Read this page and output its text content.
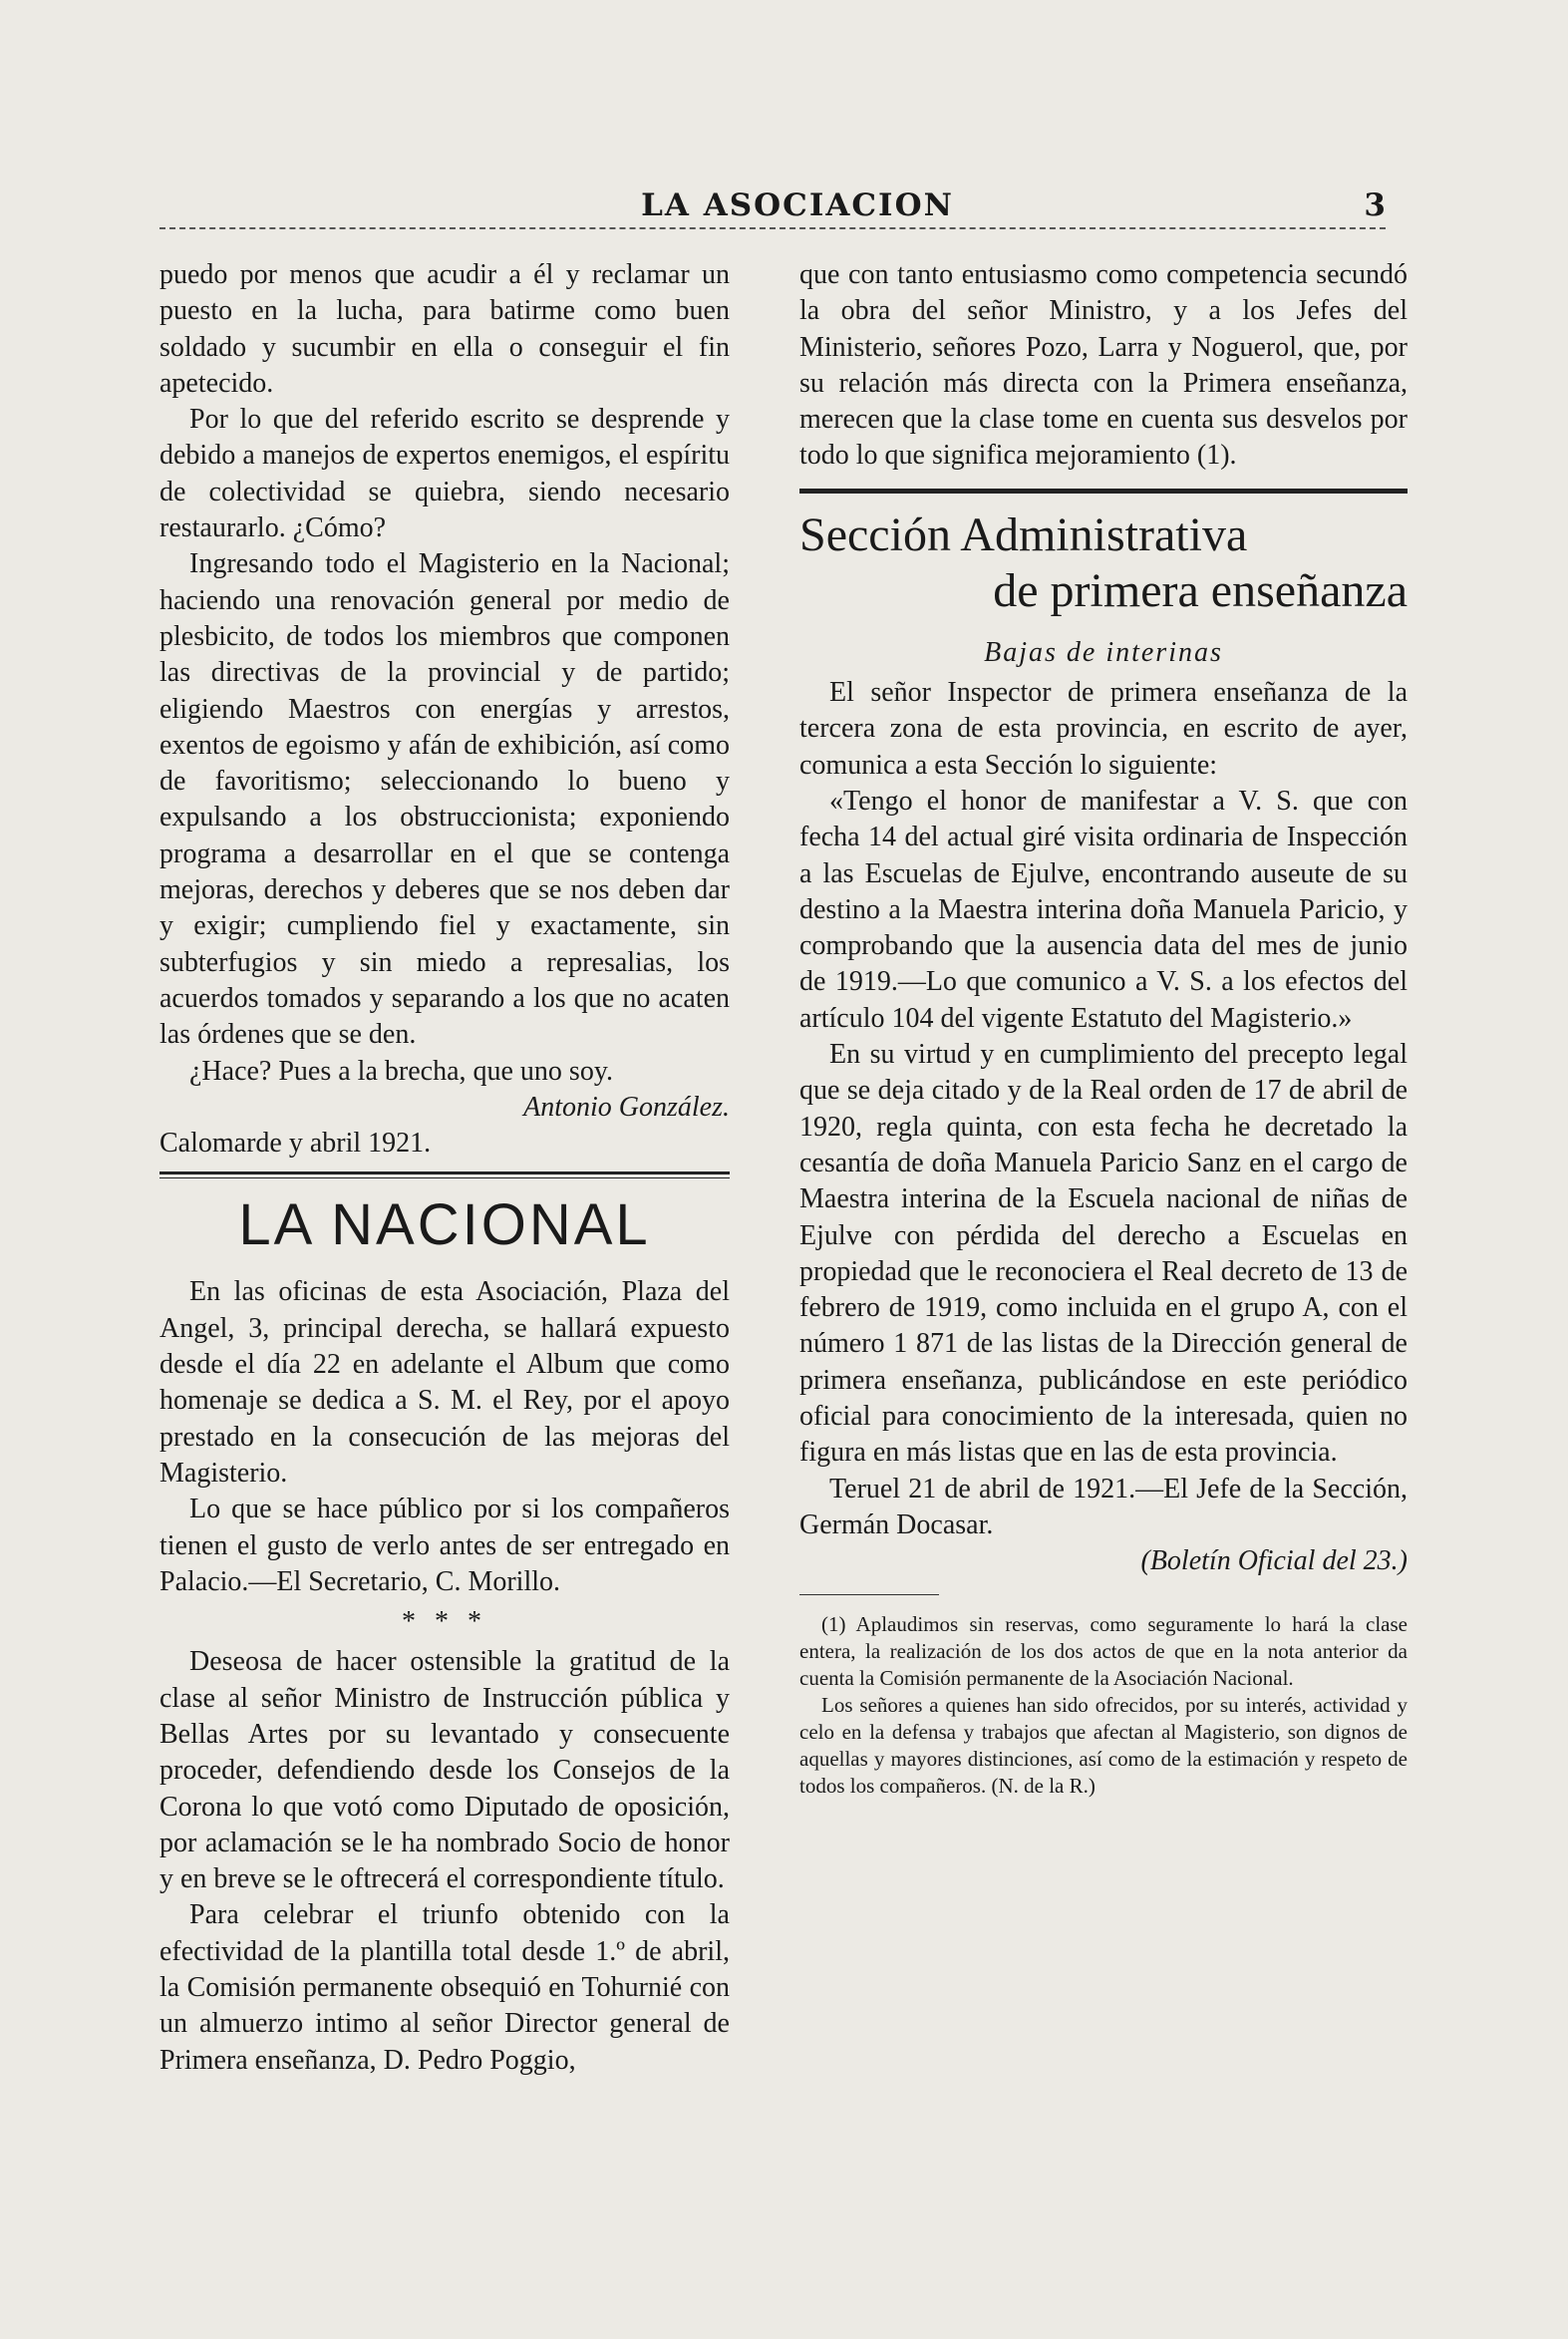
LA ASOCIACION	3

puedo por menos que acudir a él y reclamar un puesto en la lucha, para batirme como buen soldado y sucumbir en ella o conseguir el fin apetecido.

Por lo que del referido escrito se desprende y debido a manejos de expertos enemigos, el espíritu de colectividad se quiebra, siendo necesario restaurarlo. ¿Cómo?

Ingresando todo el Magisterio en la Nacional; haciendo una renovación general por medio de plesbicito, de todos los miembros que componen las directivas de la provincial y de partido; eligiendo Maestros con energías y arrestos, exentos de egoismo y afán de exhibición, así como de favoritismo; seleccionando lo bueno y expulsando a los obstruccionista; exponiendo programa a desarrollar en el que se contenga mejoras, derechos y deberes que se nos deben dar y exigir; cumpliendo fiel y exactamente, sin subterfugios y sin miedo a represalias, los acuerdos tomados y separando a los que no acaten las órdenes que se den.

¿Hace? Pues a la brecha, que uno soy.

Antonio González.

Calomarde y abril 1921.

LA NACIONAL

En las oficinas de esta Asociación, Plaza del Angel, 3, principal derecha, se hallará expuesto desde el día 22 en adelante el Album que como homenaje se dedica a S. M. el Rey, por el apoyo prestado en la consecución de las mejoras del Magisterio.

Lo que se hace público por si los compañeros tienen el gusto de verlo antes de ser entregado en Palacio.—El Secretario, C. Morillo.

* * *

Deseosa de hacer ostensible la gratitud de la clase al señor Ministro de Instrucción pública y Bellas Artes por su levantado y consecuente proceder, defendiendo desde los Consejos de la Corona lo que votó como Diputado de oposición, por aclamación se le ha nombrado Socio de honor y en breve se le oftrecerá el correspondiente título.

Para celebrar el triunfo obtenido con la efectividad de la plantilla total desde 1.º de abril, la Comisión permanente obsequió en Tohurnié con un almuerzo intimo al señor Director general de Primera enseñanza, D. Pedro Poggio,

que con tanto entusiasmo como competencia secundó la obra del señor Ministro, y a los Jefes del Ministerio, señores Pozo, Larra y Noguerol, que, por su relación más directa con la Primera enseñanza, merecen que la clase tome en cuenta sus desvelos por todo lo que significa mejoramiento (1).

Sección Administrativa
de primera enseñanza
Bajas de interinas

El señor Inspector de primera enseñanza de la tercera zona de esta provincia, en escrito de ayer, comunica a esta Sección lo siguiente:

«Tengo el honor de manifestar a V. S. que con fecha 14 del actual giré visita ordinaria de Inspección a las Escuelas de Ejulve, encontrando auseute de su destino a la Maestra interina doña Manuela Paricio, y comprobando que la ausencia data del mes de junio de 1919.—Lo que comunico a V. S. a los efectos del artículo 104 del vigente Estatuto del Magisterio.»

En su virtud y en cumplimiento del precepto legal que se deja citado y de la Real orden de 17 de abril de 1920, regla quinta, con esta fecha he decretado la cesantía de doña Manuela Paricio Sanz en el cargo de Maestra interina de la Escuela nacional de niñas de Ejulve con pérdida del derecho a Escuelas en propiedad que le reconociera el Real decreto de 13 de febrero de 1919, como incluida en el grupo A, con el número 1 871 de las listas de la Dirección general de primera enseñanza, publicándose en este periódico oficial para conocimiento de la interesada, quien no figura en más listas que en las de esta provincia.

Teruel 21 de abril de 1921.—El Jefe de la Sección, Germán Docasar.

(Boletín Oficial del 23.)

(1) Aplaudimos sin reservas, como seguramente lo hará la clase entera, la realización de los dos actos de que en la nota anterior da cuenta la Comisión permanente de la Asociación Nacional.

Los señores a quienes han sido ofrecidos, por su interés, actividad y celo en la defensa y trabajos que afectan al Magisterio, son dignos de aquellas y mayores distinciones, así como de la estimación y respeto de todos los compañeros. (N. de la R.)
